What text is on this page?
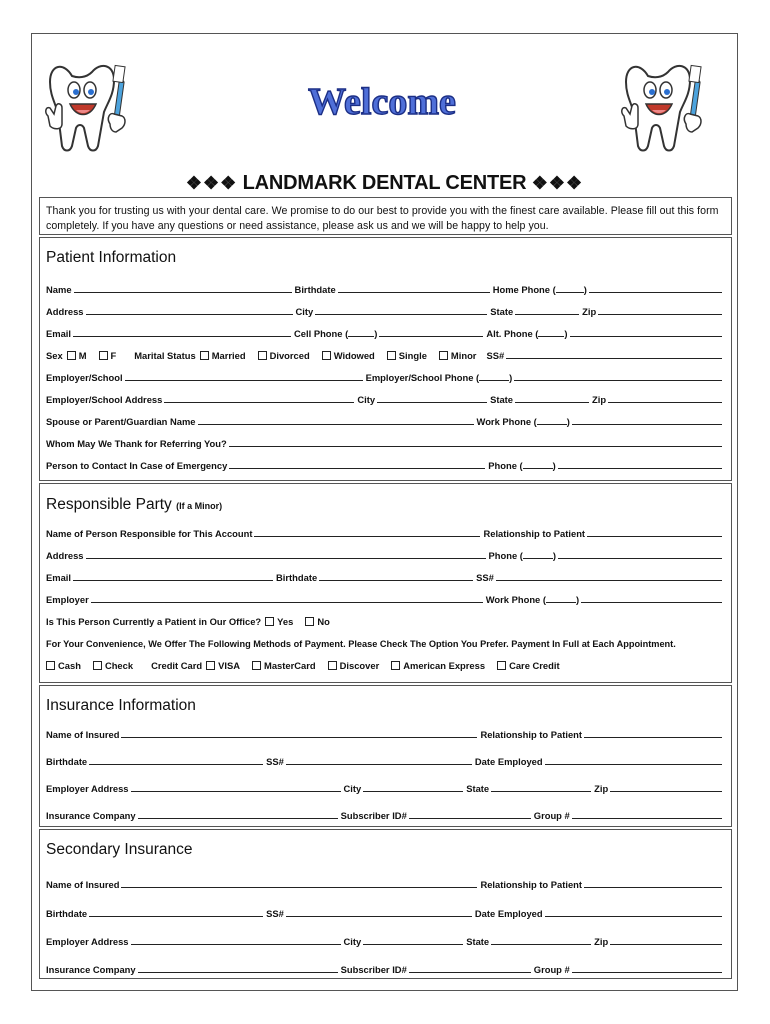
Welcome
❖❖❖ LANDMARK DENTAL CENTER ❖❖❖
Thank you for trusting us with your dental care. We promise to do our best to provide you with the finest care available. Please fill out this form completely. If you have any questions or need assistance, please ask us and we will be happy to help you.
Patient Information
Name	Birthdate	Home Phone (	)
Address	City	State	Zip
Email	Cell Phone (	)	Alt. Phone (	)
Sex M	F Marital Status Married	Divorced	Widowed	Single	Minor SS#
Employer/School	Employer/School Phone (	)
Employer/School Address	City	State	Zip
Spouse or Parent/Guardian Name	Work Phone (	)
Whom May We Thank for Referring You?
Person to Contact In Case of Emergency	Phone (	)
Responsible Party (If a Minor)
Name of Person Responsible for This Account	Relationship to Patient
Address	Phone (	)
Email	Birthdate	SS#
Employer	Work Phone (	)
Is This Person Currently a Patient in Our Office? Yes	No
For Your Convenience, We Offer The Following Methods of Payment. Please Check The Option You Prefer. Payment In Full at Each Appointment.
Cash	Check Credit Card VISA	MasterCard	Discover	American Express	Care Credit
Insurance Information
Name of Insured	Relationship to Patient
Birthdate	SS#	Date Employed
Employer Address	City	State	Zip
Insurance Company	Subscriber ID#	Group #
Secondary Insurance
Name of Insured	Relationship to Patient
Birthdate	SS#	Date Employed
Employer Address	City	State	Zip
Insurance Company	Subscriber ID#	Group #
